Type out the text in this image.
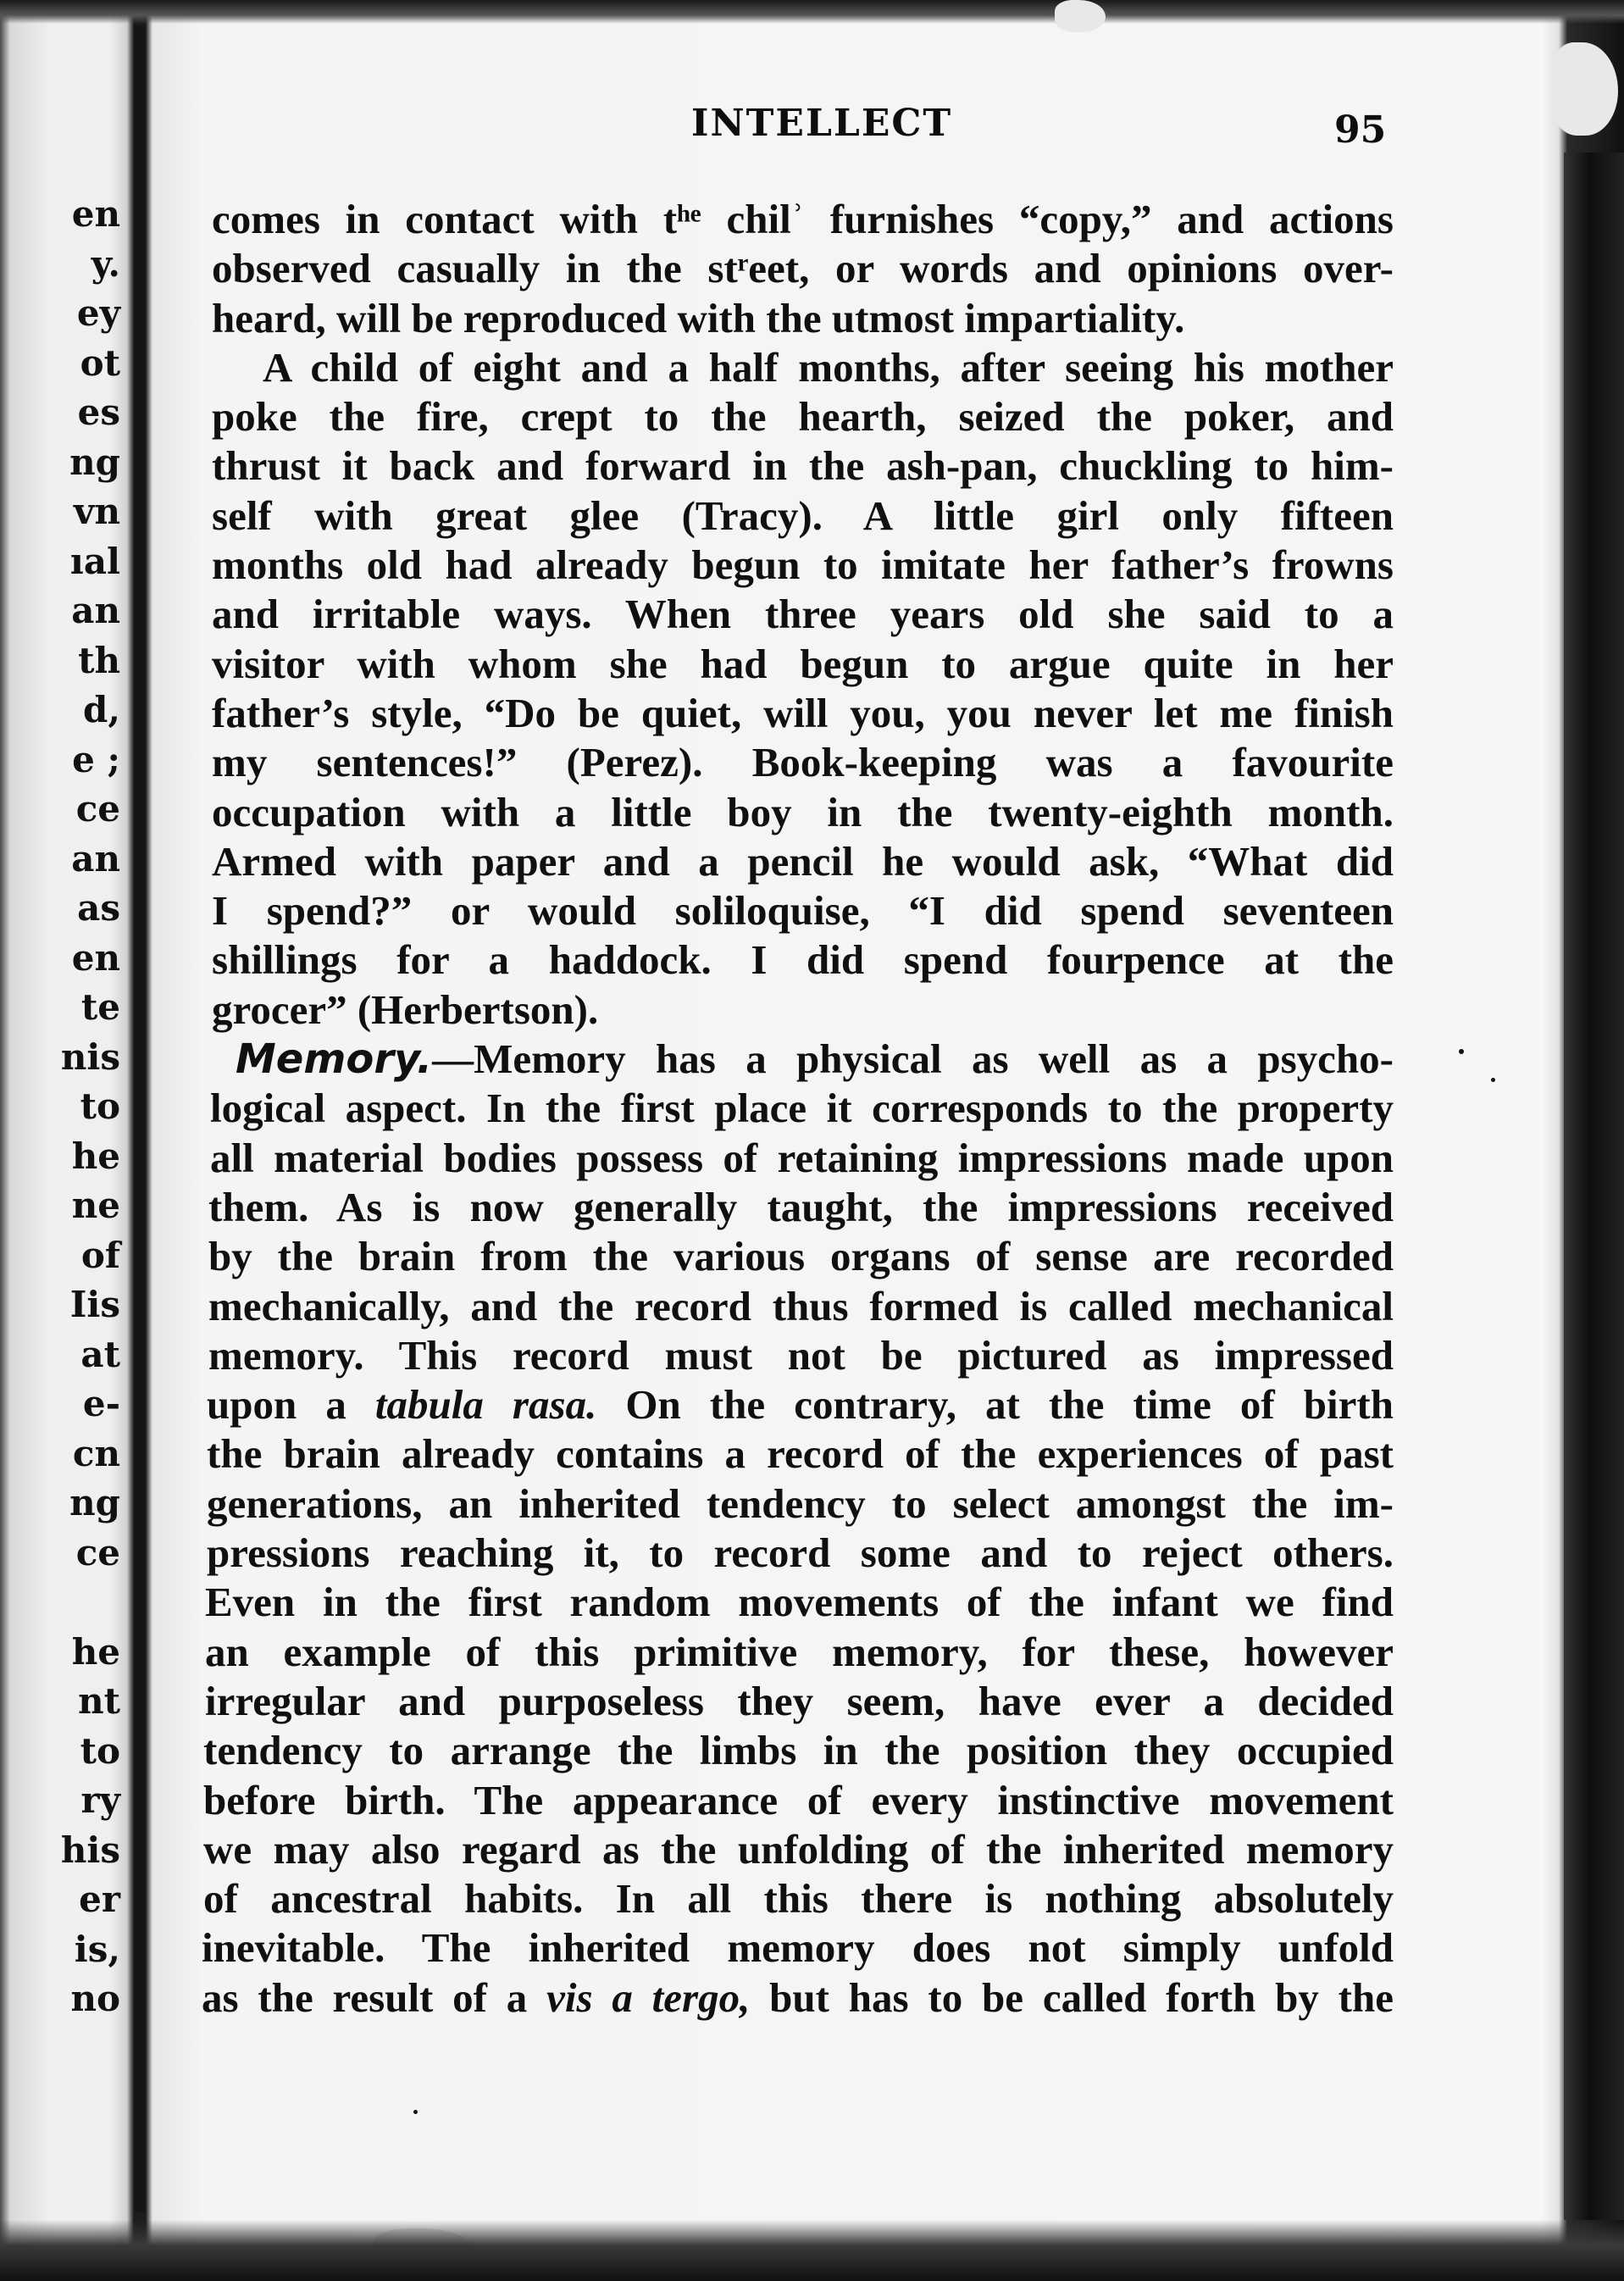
en
y.
ey
ot
es
ng
vn
ıal
an
th
d,
e ;
ce
an
as
en
te
nis
to
he
ne
of
Iis
at
e-
cn
ng
ce
he
nt
to
ry
his
er
is,
no
INTELLECT	95
comes in contact with tʰᵉ chilʾ furnishes “copy,” and actions
observed casually in the stʳeet, or words and opinions over-
heard, will be reproduced with the utmost impartiality.
A child of eight and a half months, after seeing his mother
poke the fire, crept to the hearth, seized the poker, and
thrust it back and forward in the ash-pan, chuckling to him-
self with great glee (Tracy). A little girl only fifteen
months old had already begun to imitate her father’s frowns
and irritable ways. When three years old she said to a
visitor with whom she had begun to argue quite in her
father’s style, “Do be quiet, will you, you never let me finish
my sentences!” (Perez). Book-keeping was a favourite
occupation with a little boy in the twenty-eighth month.
Armed with paper and a pencil he would ask, “What did
I spend?” or would soliloquise, “I did spend seventeen
shillings for a haddock. I did spend fourpence at the
grocer” (Herbertson).
Memory.—Memory has a physical as well as a psycho-
logical aspect. In the first place it corresponds to the property
all material bodies possess of retaining impressions made upon
them. As is now generally taught, the impressions received
by the brain from the various organs of sense are recorded
mechanically, and the record thus formed is called mechanical
memory. This record must not be pictured as impressed
upon a tabula rasa. On the contrary, at the time of birth
the brain already contains a record of the experiences of past
generations, an inherited tendency to select amongst the im-
pressions reaching it, to record some and to reject others.
Even in the first random movements of the infant we find
an example of this primitive memory, for these, however
irregular and purposeless they seem, have ever a decided
tendency to arrange the limbs in the position they occupied
before birth. The appearance of every instinctive movement
we may also regard as the unfolding of the inherited memory
of ancestral habits. In all this there is nothing absolutely
inevitable. The inherited memory does not simply unfold
as the result of a vis a tergo, but has to be called forth by the
